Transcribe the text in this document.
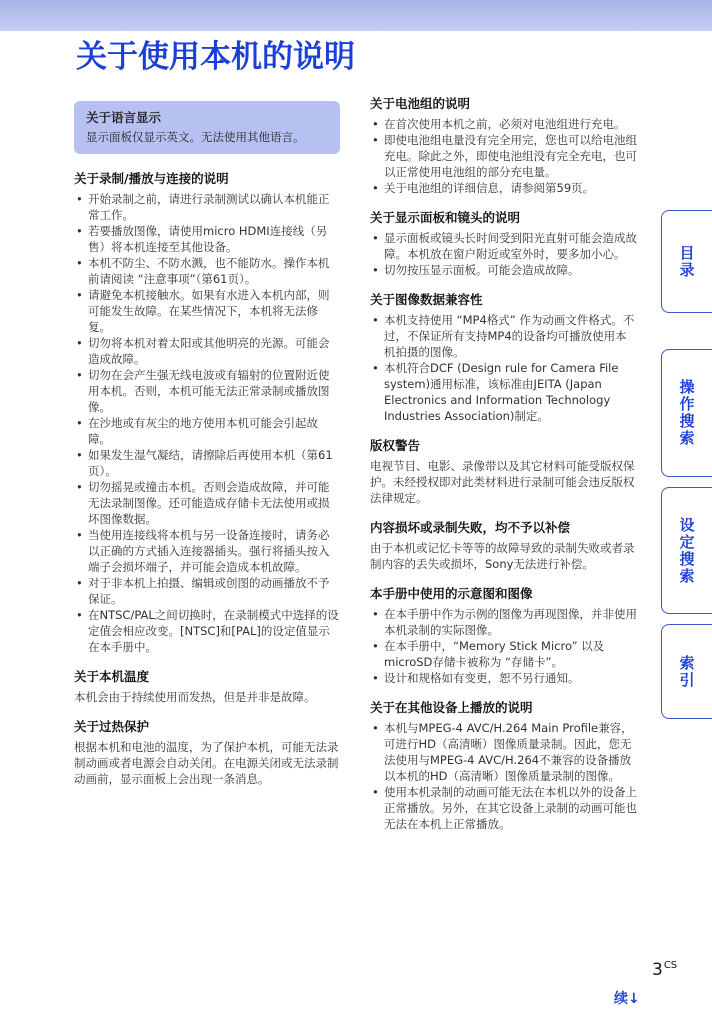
关于使用本机的说明
关于语言显示

显示面板仅显示英文。无法使用其他语言。

关于录制/播放与连接的说明
• 开始录制之前，请进行录制测试以确认本机能正常工作。
• 若要播放图像，请使用micro HDMI连接线（另售）将本机连接至其他设备。
• 本机不防尘、不防水溅，也不能防水。操作本机前请阅读 “注意事项”（第61页）。
• 请避免本机接触水。如果有水进入本机内部，则可能发生故障。在某些情况下，本机将无法修复。
• 切勿将本机对着太阳或其他明亮的光源。可能会造成故障。
• 切勿在会产生强无线电波或有辐射的位置附近使用本机。否则，本机可能无法正常录制或播放图像。
• 在沙地或有灰尘的地方使用本机可能会引起故障。
• 如果发生湿气凝结，请擦除后再使用本机（第61页）。
• 切勿摇晃或撞击本机。否则会造成故障，并可能无法录制图像。还可能造成存储卡无法使用或损坏图像数据。
• 当使用连接线将本机与另一设备连接时，请务必以正确的方式插入连接器插头。强行将插头按入端子会损坏端子，并可能会造成本机故障。
• 对于非本机上拍摄、编辑或创图的动画播放不予保证。
• 在NTSC/PAL之间切换时，在录制模式中选择的设定值会相应改变。[NTSC]和[PAL]的设定值显示在本手册中。
关于本机温度

本机会由于持续使用而发热，但是并非是故障。

关于过热保护

根据本机和电池的温度，为了保护本机，可能无法录制动画或者电源会自动关闭。在电源关闭或无法录制动画前，显示面板上会出现一条消息。

关于电池组的说明
• 在首次使用本机之前，必须对电池组进行充电。
• 即使电池组电量没有完全用完，您也可以给电池组充电。除此之外，即使电池组没有完全充电，也可以正常使用电池组的部分充电量。
• 关于电池组的详细信息，请参阅第59页。
关于显示面板和镜头的说明
• 显示面板或镜头长时间受到阳光直射可能会造成故障。本机放在窗户附近或室外时，要多加小心。
• 切勿按压显示面板。可能会造成故障。
关于图像数据兼容性
• 本机支持使用 “MP4格式” 作为动画文件格式。不过，不保证所有支持MP4的设备均可播放使用本机拍摄的图像。
• 本机符合DCF (Design rule for Camera File system)通用标准，该标准由JEITA (Japan Electronics and Information Technology Industries Association)制定。
版权警告

电视节目、电影、录像带以及其它材料可能受版权保护。未经授权即对此类材料进行录制可能会违反版权法律规定。

内容损坏或录制失败，均不予以补偿

由于本机或记忆卡等等的故障导致的录制失败或者录制内容的丢失或损坏，Sony无法进行补偿。

本手册中使用的示意图和图像
• 在本手册中作为示例的图像为再现图像，并非使用本机录制的实际图像。
• 在本手册中，“Memory Stick Micro” 以及microSD存储卡被称为 “存储卡”。
• 设计和规格如有变更，恕不另行通知。
关于在其他设备上播放的说明
• 本机与MPEG-4 AVC/H.264 Main Profile兼容，可进行HD（高清晰）图像质量录制。因此，您无法使用与MPEG-4 AVC/H.264不兼容的设备播放以本机的HD（高清晰）图像质量录制的图像。
• 使用本机录制的动画可能无法在本机以外的设备上正常播放。另外，在其它设备上录制的动画可能也无法在本机上正常播放。
目录
操作搜索
设定搜索
索引
$3^{CS}$
续↓
